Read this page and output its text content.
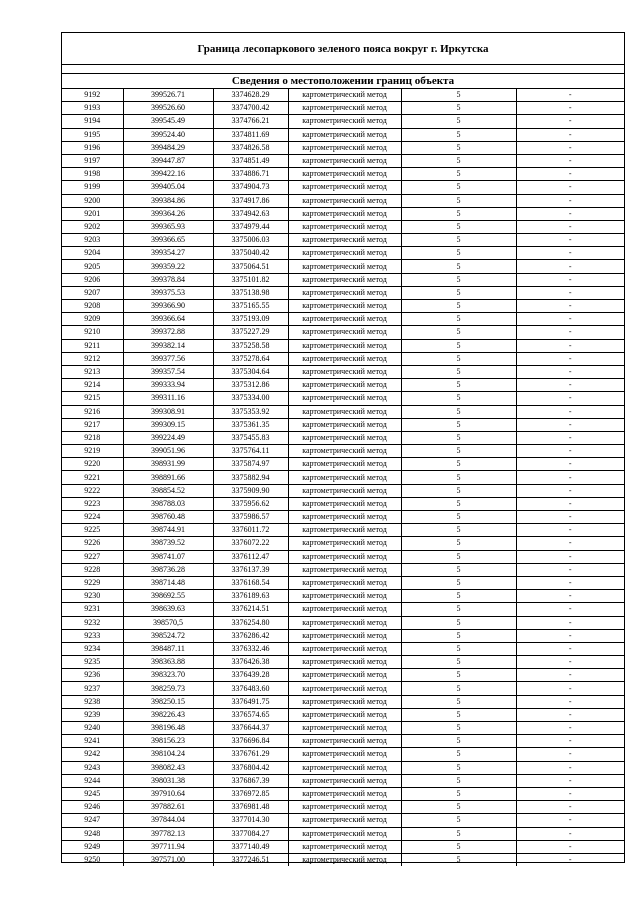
Граница лесопаркового зеленого пояса вокруг г. Иркутска
Сведения о местоположении границ объекта
9192	399526.71	3374628.29	картометрический метод	5	-
9193	399526.60	3374700.42	картометрический метод	5	-
9194	399545.49	3374766.21	картометрический метод	5	-
9195	399524.40	3374811.69	картометрический метод	5	-
9196	399484.29	3374826.58	картометрический метод	5	-
9197	399447.87	3374851.49	картометрический метод	5	-
9198	399422.16	3374886.71	картометрический метод	5	-
9199	399405.04	3374904.73	картометрический метод	5	-
9200	399384.86	3374917.86	картометрический метод	5	-
9201	399364.26	3374942.63	картометрический метод	5	-
9202	399365.93	3374979.44	картометрический метод	5	-
9203	399366.65	3375006.03	картометрический метод	5	-
9204	399354.27	3375040.42	картометрический метод	5	-
9205	399359.22	3375064.51	картометрический метод	5	-
9206	399378.84	3375101.82	картометрический метод	5	-
9207	399375.53	3375138.98	картометрический метод	5	-
9208	399366.90	3375165.55	картометрический метод	5	-
9209	399366.64	3375193.09	картометрический метод	5	-
9210	399372.88	3375227.29	картометрический метод	5	-
9211	399382.14	3375258.58	картометрический метод	5	-
9212	399377.56	3375278.64	картометрический метод	5	-
9213	399357.54	3375304.64	картометрический метод	5	-
9214	399333.94	3375312.86	картометрический метод	5	-
9215	399311.16	3375334.00	картометрический метод	5	-
9216	399308.91	3375353.92	картометрический метод	5	-
9217	399309.15	3375361.35	картометрический метод	5	-
9218	399224.49	3375455.83	картометрический метод	5	-
9219	399051.96	3375764.11	картометрический метод	5	-
9220	398931.99	3375874.97	картометрический метод	5	-
9221	398891.66	3375882.94	картометрический метод	5	-
9222	398854.52	3375909.90	картометрический метод	5	-
9223	398788.03	3375956.62	картометрический метод	5	-
9224	398760.48	3375986.57	картометрический метод	5	-
9225	398744.91	3376011.72	картометрический метод	5	-
9226	398739.52	3376072.22	картометрический метод	5	-
9227	398741.07	3376112.47	картометрический метод	5	-
9228	398736.28	3376137.39	картометрический метод	5	-
9229	398714.48	3376168.54	картометрический метод	5	-
9230	398692.55	3376189.63	картометрический метод	5	-
9231	398639.63	3376214.51	картометрический метод	5	-
9232	398570,5	3376254.80	картометрический метод	5	-
9233	398524.72	3376286.42	картометрический метод	5	-
9234	398487.11	3376332.46	картометрический метод	5	-
9235	398363.88	3376426.38	картометрический метод	5	-
9236	398323.70	3376439.28	картометрический метод	5	-
9237	398259.73	3376483.60	картометрический метод	5	-
9238	398250.15	3376491.75	картометрический метод	5	-
9239	398226.43	3376574.65	картометрический метод	5	-
9240	398196.48	3376644.37	картометрический метод	5	-
9241	398156.23	3376696.84	картометрический метод	5	-
9242	398104.24	3376761.29	картометрический метод	5	-
9243	398082.43	3376804.42	картометрический метод	5	-
9244	398031.38	3376867.39	картометрический метод	5	-
9245	397910.64	3376972.85	картометрический метод	5	-
9246	397882.61	3376981.48	картометрический метод	5	-
9247	397844.04	3377014.30	картометрический метод	5	-
9248	397782.13	3377084.27	картометрический метод	5	-
9249	397711.94	3377140.49	картометрический метод	5	-
9250	397571.00	3377246.51	картометрический метод	5	-
